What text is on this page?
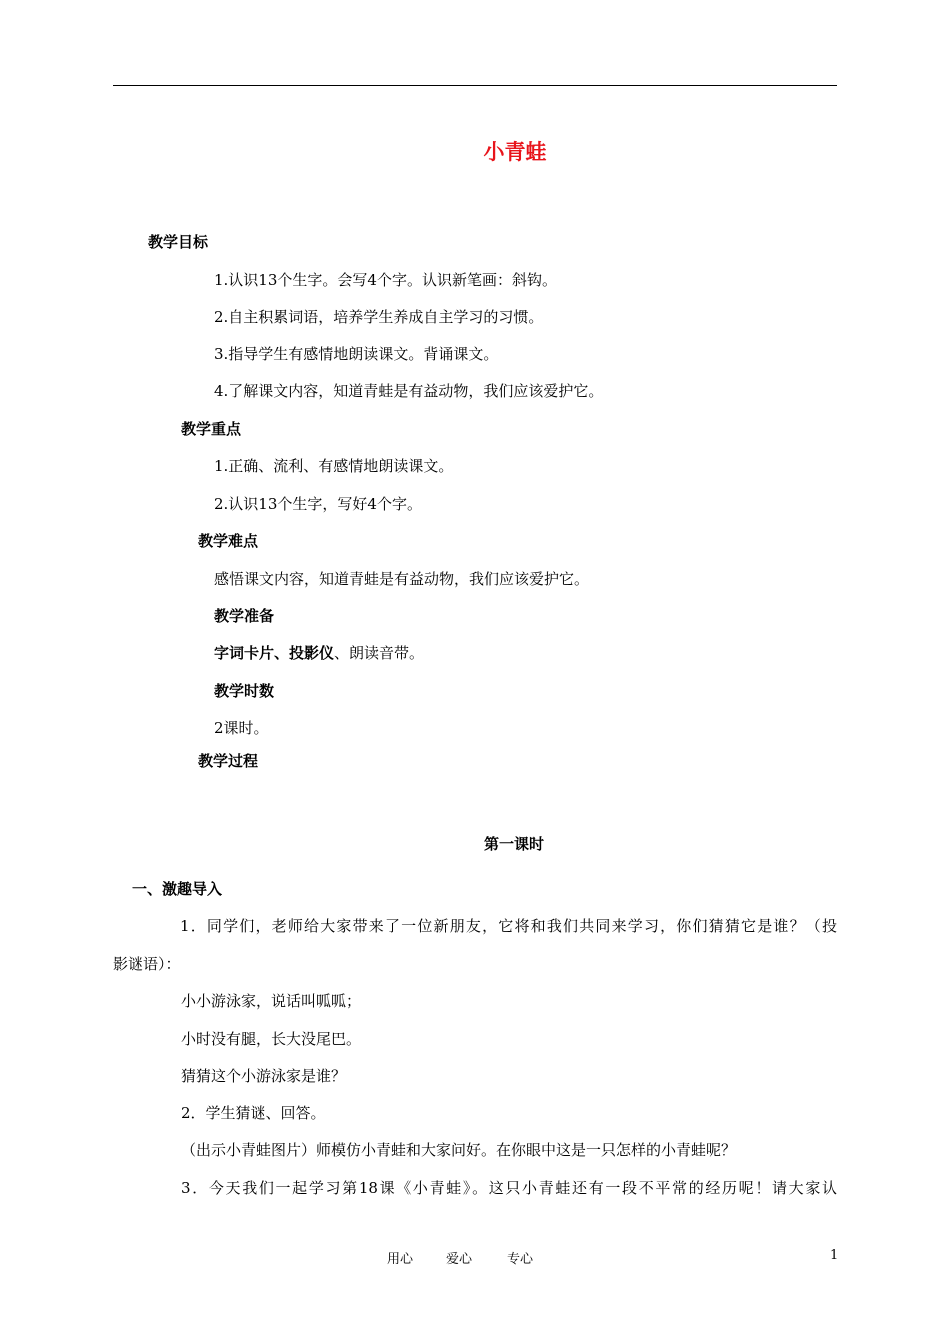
小青蛙
教学目标
1.认识13个生字。会写4个字。认识新笔画：斜钩。
2.自主积累词语，培养学生养成自主学习的习惯。
3.指导学生有感情地朗读课文。背诵课文。
4.了解课文内容，知道青蛙是有益动物，我们应该爱护它。
教学重点
1.正确、流利、有感情地朗读课文。
2.认识13个生字，写好4个字。
教学难点
感悟课文内容，知道青蛙是有益动物，我们应该爱护它。
教学准备
字词卡片、投影仪、朗读音带。
教学时数
2课时。
教学过程
第一课时
一、激趣导入
1．同学们，老师给大家带来了一位新朋友，它将和我们共同来学习，你们猜猜它是谁？（投
影谜语）：
小小游泳家，说话叫呱呱；
小时没有腿，长大没尾巴。
猜猜这个小游泳家是谁？
2．学生猜谜、回答。
（出示小青蛙图片）师模仿小青蛙和大家问好。在你眼中这是一只怎样的小青蛙呢？
3．今天我们一起学习第18课《小青蛙》。这只小青蛙还有一段不平常的经历呢！请大家认
用心	爱心	专心	1
